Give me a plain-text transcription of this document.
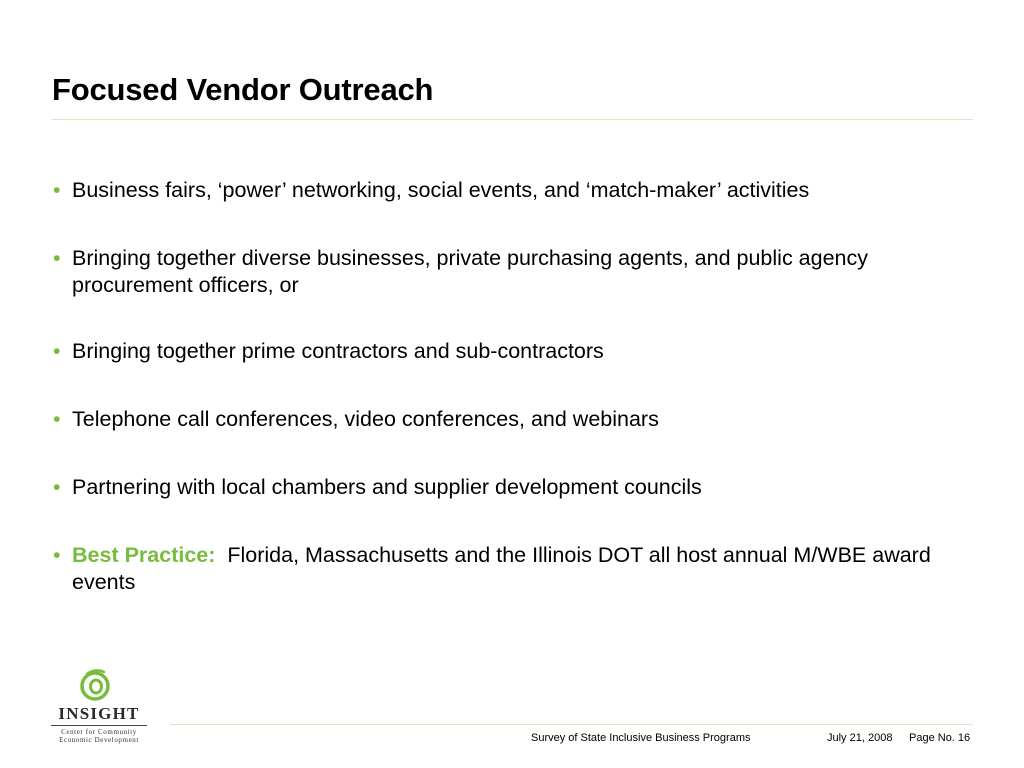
Focused Vendor Outreach
• Business fairs, ‘power’ networking, social events, and ‘match-maker’ activities
• Bringing together diverse businesses, private purchasing agents, and public agency procurement officers, or
• Bringing together prime contractors and sub-contractors
• Telephone call conferences, video conferences, and webinars
• Partnering with local chambers and supplier development councils
• Best Practice: Florida, Massachusetts and the Illinois DOT all host annual M/WBE award events
INSIGHT
Center for Community
Economic Development	Survey of State Inclusive Business Programs	July 21, 2008 Page No. 16
